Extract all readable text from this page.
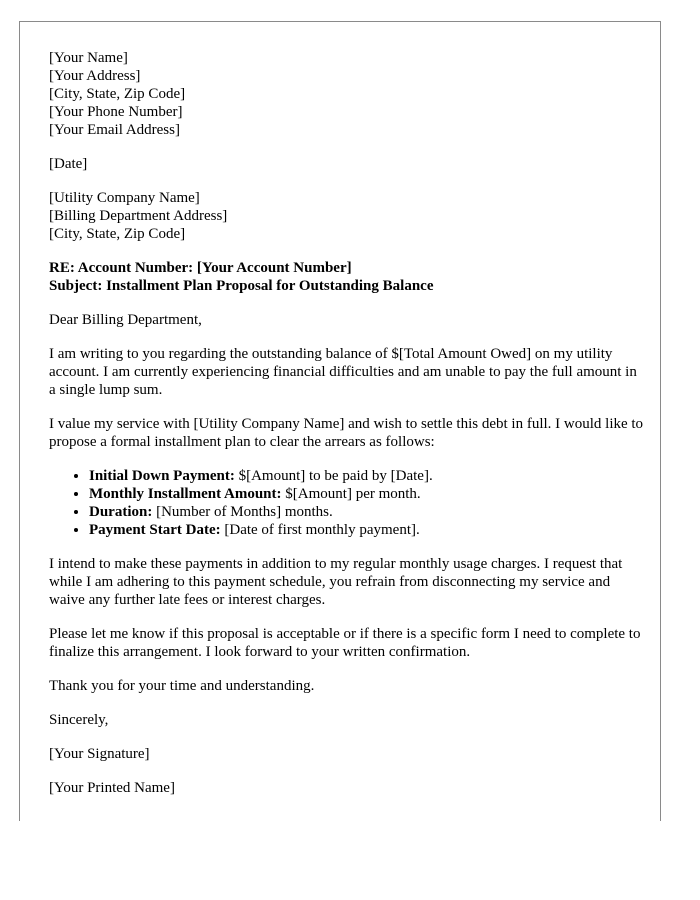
[Your Name]
[Your Address]
[City, State, Zip Code]
[Your Phone Number]
[Your Email Address]
[Date]
[Utility Company Name]
[Billing Department Address]
[City, State, Zip Code]
RE: Account Number: [Your Account Number]
Subject: Installment Plan Proposal for Outstanding Balance

Dear Billing Department,

I am writing to you regarding the outstanding balance of $[Total Amount Owed] on my utility account. I am currently experiencing financial difficulties and am unable to pay the full amount in a single lump sum.

I value my service with [Utility Company Name] and wish to settle this debt in full. I would like to propose a formal installment plan to clear the arrears as follows:

• Initial Down Payment: $[Amount] to be paid by [Date].
• Monthly Installment Amount: $[Amount] per month.
• Duration: [Number of Months] months.
• Payment Start Date: [Date of first monthly payment].

I intend to make these payments in addition to my regular monthly usage charges. I request that while I am adhering to this payment schedule, you refrain from disconnecting my service and waive any further late fees or interest charges.

Please let me know if this proposal is acceptable or if there is a specific form I need to complete to finalize this arrangement. I look forward to your written confirmation.

Thank you for your time and understanding.

Sincerely,

[Your Signature]

[Your Printed Name]
